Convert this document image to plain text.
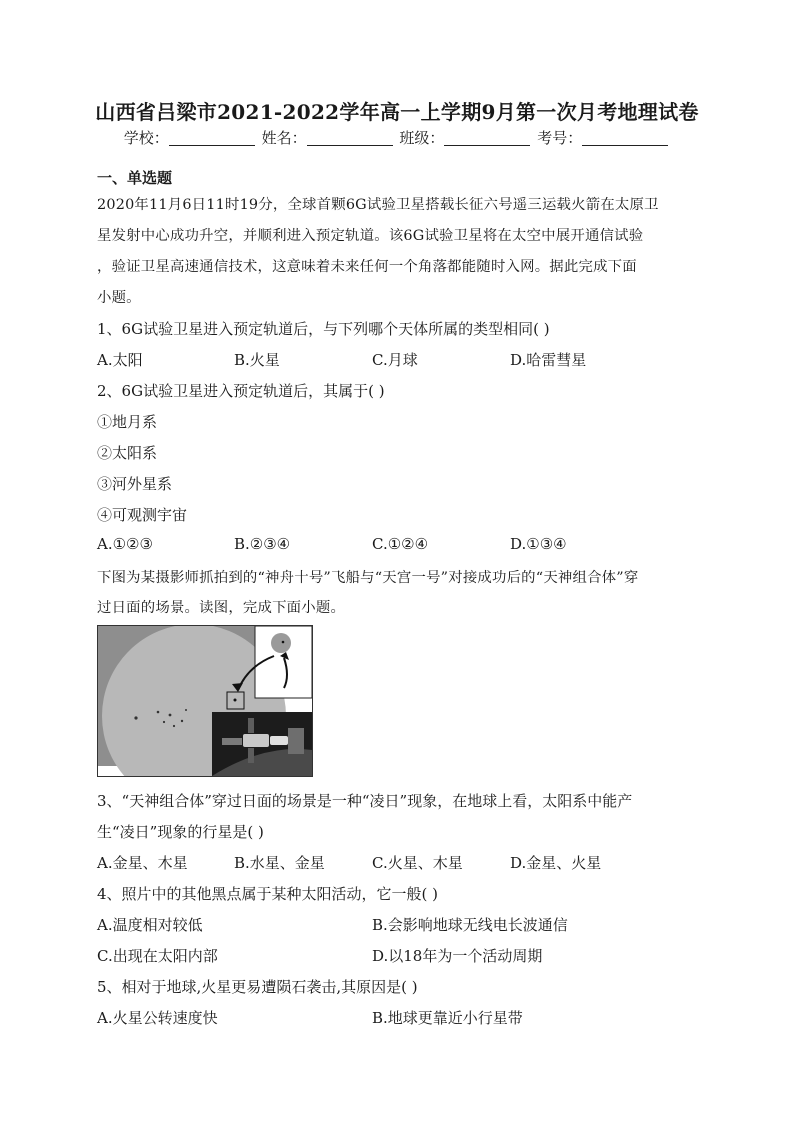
山西省吕梁市2021-2022学年高一上学期9月第一次月考地理试卷
学校：	姓名：	班级：	考号：
一、单选题
2020年11月6日11时19分，全球首颗6G试验卫星搭载长征六号遥三运载火箭在太原卫
星发射中心成功升空，并顺利进入预定轨道。该6G试验卫星将在太空中展开通信试验
，验证卫星高速通信技术，这意味着未来任何一个角落都能随时入网。据此完成下面
小题。
1、6G试验卫星进入预定轨道后，与下列哪个天体所属的类型相同( )
A.太阳	B.火星	C.月球	D.哈雷彗星
2、6G试验卫星进入预定轨道后，其属于( )
①地月系
②太阳系
③河外星系
④可观测宇宙
A.①②③	B.②③④	C.①②④	D.①③④
下图为某摄影师抓拍到的“神舟十号”飞船与“天宫一号”对接成功后的“天神组合体”穿
过日面的场景。读图，完成下面小题。
3、“天神组合体”穿过日面的场景是一种“凌日”现象，在地球上看，太阳系中能产
生“凌日”现象的行星是( )
A.金星、木星	B.水星、金星	C.火星、木星	D.金星、火星
4、照片中的其他黑点属于某种太阳活动，它一般( )
A.温度相对较低	B.会影响地球无线电长波通信
C.出现在太阳内部	D.以18年为一个活动周期
5、相对于地球,火星更易遭陨石袭击,其原因是( )
A.火星公转速度快	B.地球更靠近小行星带
